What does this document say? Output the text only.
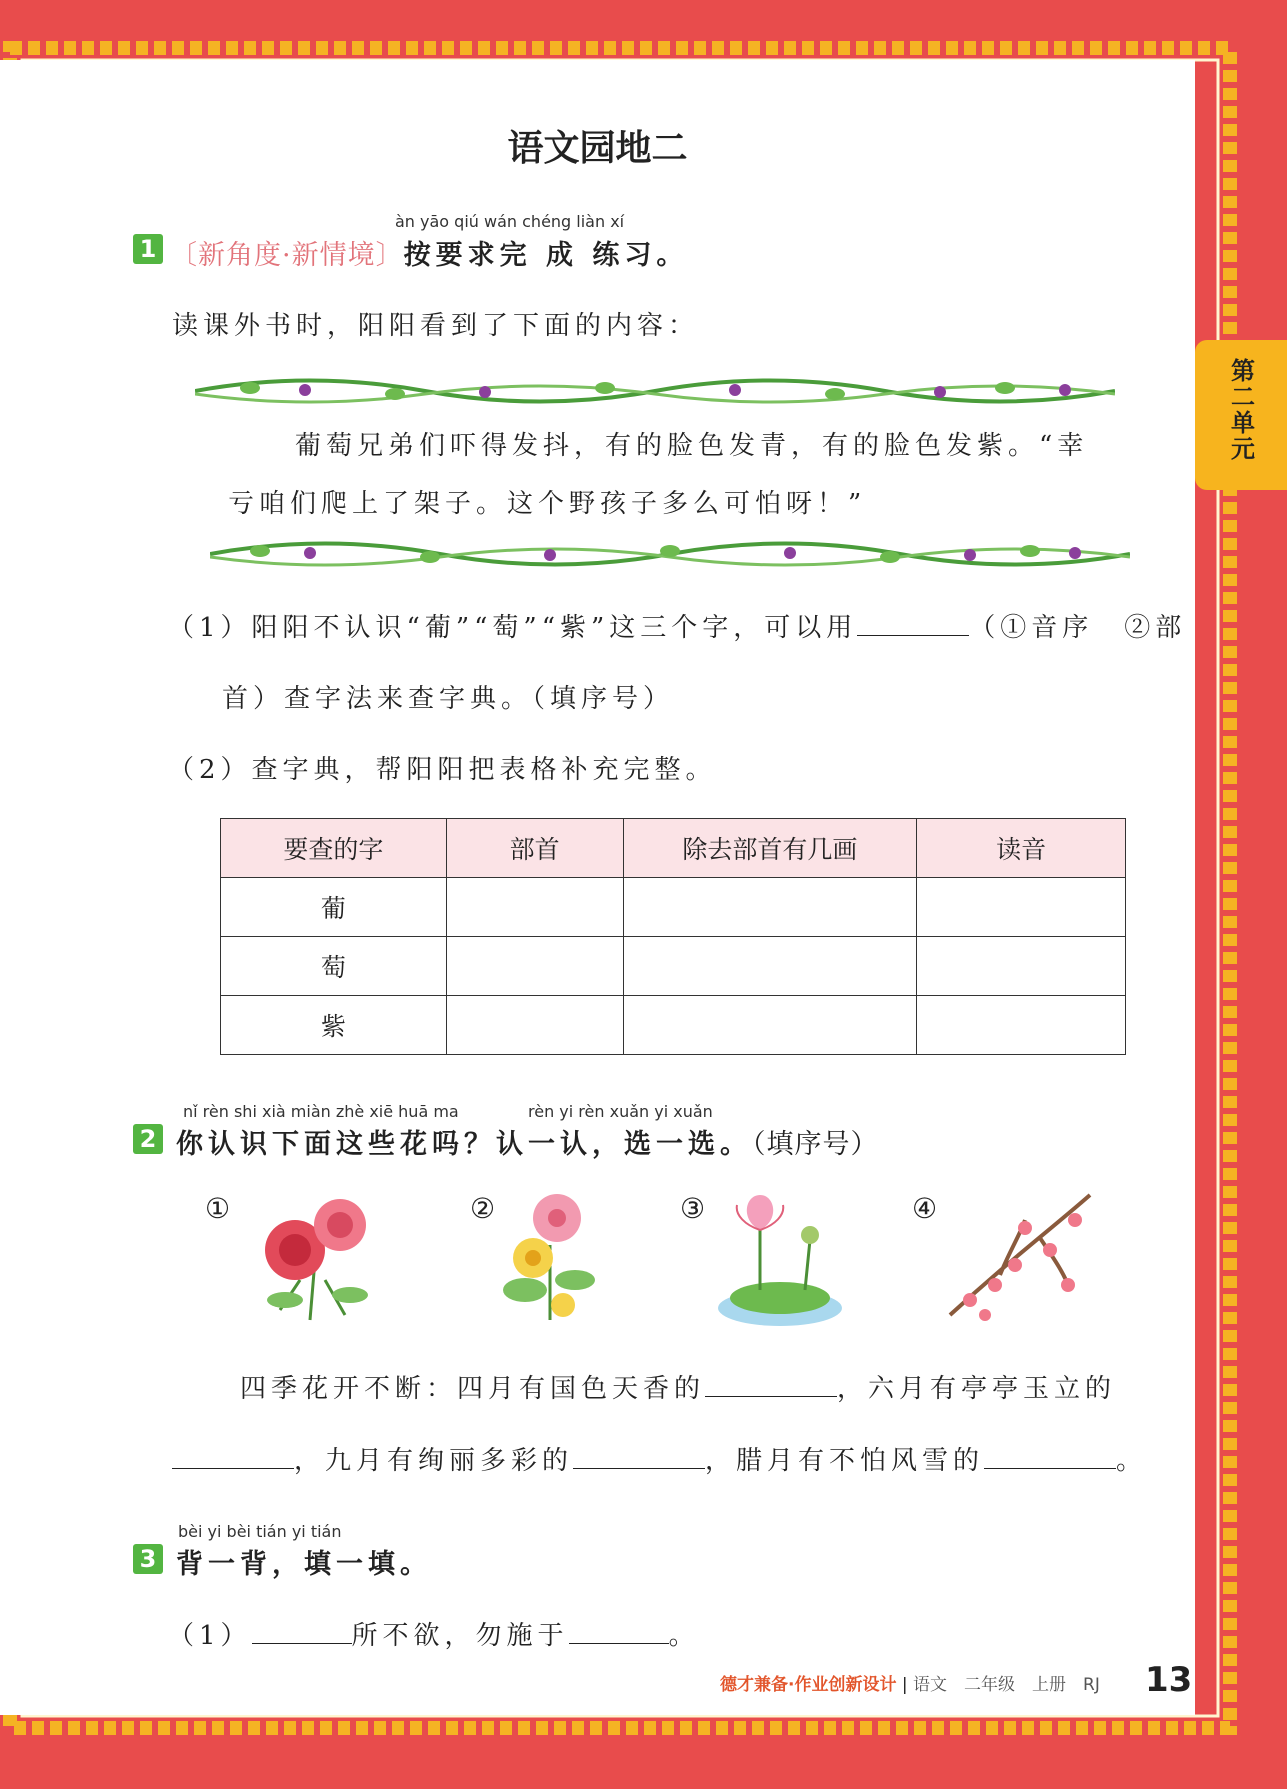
第二单元
语文园地二
1
àn yāo qiú wán chéng liàn xí
〔新角度·新情境〕按要求完 成 练习。
读课外书时，阳阳看到了下面的内容：
葡萄兄弟们吓得发抖，有的脸色发青，有的脸色发紫。“幸
亏咱们爬上了架子。这个野孩子多么可怕呀！”
（1）阳阳不认识“葡”“萄”“紫”这三个字，可以用	（①音序　②部
首）查字法来查字典。（填序号）
（2）查字典，帮阳阳把表格补充完整。
要查的字	部首	除去部首有几画	读音
葡			
萄			
紫			
2
nǐ rèn shi xià miàn zhè xiē huā ma	rèn yi rèn xuǎn yi xuǎn
你认识下面这些花吗？认一认，选一选。（填序号）
①	②	③	④
四季花开不断：四月有国色天香的	，六月有亭亭玉立的
，九月有绚丽多彩的	，腊月有不怕风雪的	。
3
bèi yi bèi tián yi tián
背一背，填一填。
（1）	所不欲，勿施于	。
德才兼备·作业创新设计 | 语文　二年级　上册　RJ 13
